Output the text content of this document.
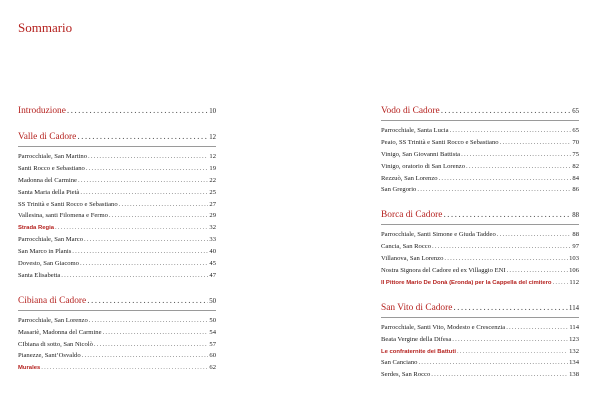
Sommario
Introduzione .....	10
Valle di Cadore .....	12
Parrocchiale, San Martino .....	12
Santi Rocco e Sebastiano .....	19
Madonna del Carmine .....	22
Santa Maria della Pietà .....	25
SS Trinità e Santi Rocco e Sebastiano .....	27
Vallesina, santi Filomena e Fermo .....	29
Strada Regia .....	32
Parrocchiale, San Marco .....	33
San Marco in Planis .....	40
Dovesto, San Giacomo .....	45
Santa Elisabetta .....	47
Cibiana di Cadore .....	50
Parrocchiale, San Lorenzo .....	50
Masariè, Madonna del Carmine .....	54
CIbiana di sotto, San Nicolò .....	57
Pianezze, Sant’Osvaldo .....	60
Murales .....	62
Vodo di Cadore .....	65
Parrocchiale, Santa Lucia .....	65
Peaio, SS Trinità e Santi Rocco e Sebastiano .....	70
Vinigo, San Giovanni Battista .....	75
Vinigo, oratorio di San Lorenzo .....	82
Rezzuò, San Lorenzo .....	84
San Gregorio .....	86
Borca di Cadore .....	88
Parrocchiale, Santi Simone e Giuda Taddeo .....	88
Cancia, San Rocco .....	97
Villanova, San Lorenzo .....	103
Nostra Signora del Cadore ed ex Villaggio ENI .....	106
Il Pittore Mario De Donà (Eronda) per la Cappella del cimitero .....	112
San Vito di Cadore .....	114
Parrocchiale, Santi Vito, Modesto e Crescenzia .....	114
Beata Vergine della Difesa .....	123
Le confraternite dei Battuti .....	132
San Canciano .....	134
Serdes, San Rocco .....	138
